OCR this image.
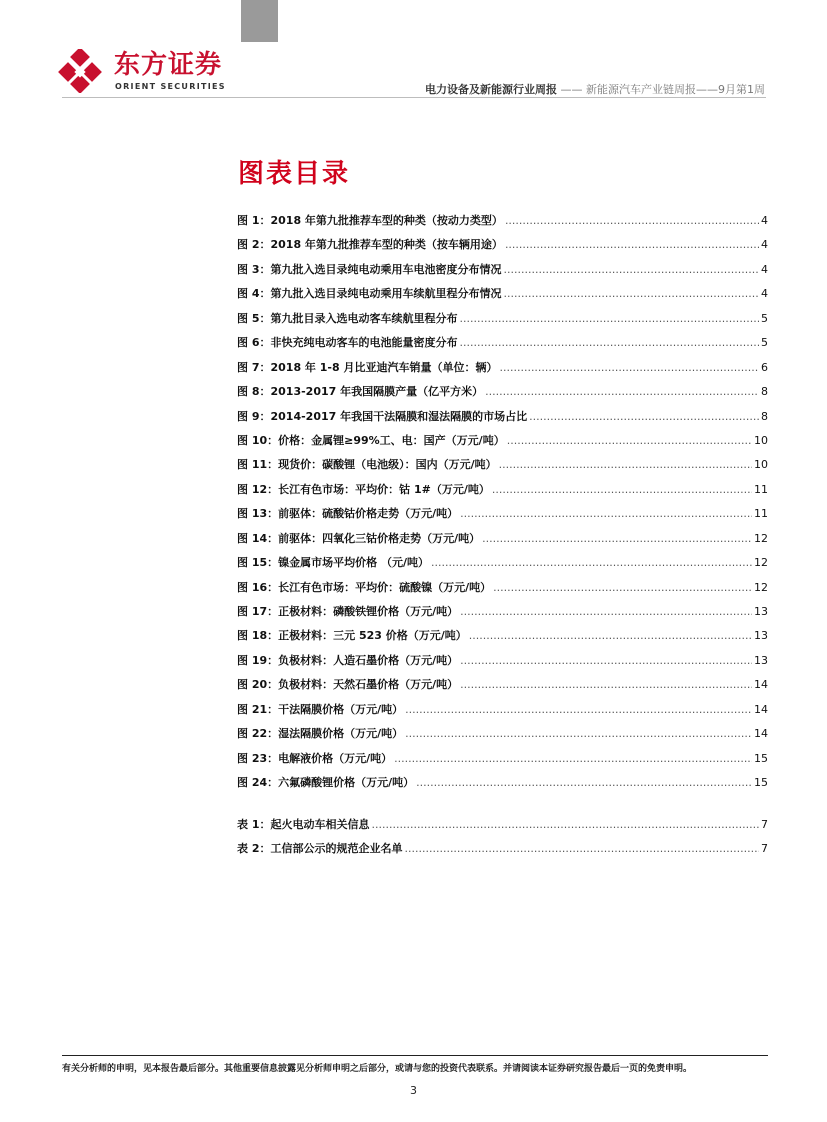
东方证券
ORIENT SECURITIES	电力设备及新能源行业周报 —— 新能源汽车产业链周报——9月第1周
图表目录
图 1：2018 年第九批推荐车型的种类（按动力类型） .....	4
图 2：2018 年第九批推荐车型的种类（按车辆用途） .....	4
图 3：第九批入选目录纯电动乘用车电池密度分布情况 .....	4
图 4：第九批入选目录纯电动乘用车续航里程分布情况 .....	4
图 5：第九批目录入选电动客车续航里程分布 .....	5
图 6：非快充纯电动客车的电池能量密度分布 .....	5
图 7：2018 年 1-8 月比亚迪汽车销量（单位：辆） .....	6
图 8：2013-2017 年我国隔膜产量（亿平方米） .....	8
图 9：2014-2017 年我国干法隔膜和湿法隔膜的市场占比 .....	8
图 10：价格：金属锂≥99%工、电：国产（万元/吨） .....	10
图 11：现货价：碳酸锂（电池级）：国内（万元/吨） .....	10
图 12：长江有色市场：平均价：钴 1#（万元/吨） .....	11
图 13：前驱体：硫酸钴价格走势（万元/吨） .....	11
图 14：前驱体：四氧化三钴价格走势（万元/吨） .....	12
图 15：镍金属市场平均价格 （元/吨） .....	12
图 16：长江有色市场：平均价：硫酸镍（万元/吨） .....	12
图 17：正极材料：磷酸铁锂价格（万元/吨） .....	13
图 18：正极材料：三元 523 价格（万元/吨） .....	13
图 19：负极材料：人造石墨价格（万元/吨） .....	13
图 20：负极材料：天然石墨价格（万元/吨） .....	14
图 21：干法隔膜价格（万元/吨） .....	14
图 22：湿法隔膜价格（万元/吨） .....	14
图 23：电解液价格（万元/吨） .....	15
图 24：六氟磷酸锂价格（万元/吨） .....	15
表 1：起火电动车相关信息 .....	7
表 2：工信部公示的规范企业名单 .....	7
有关分析师的申明，见本报告最后部分。其他重要信息披露见分析师申明之后部分，或请与您的投资代表联系。并请阅读本证券研究报告最后一页的免责申明。
3
